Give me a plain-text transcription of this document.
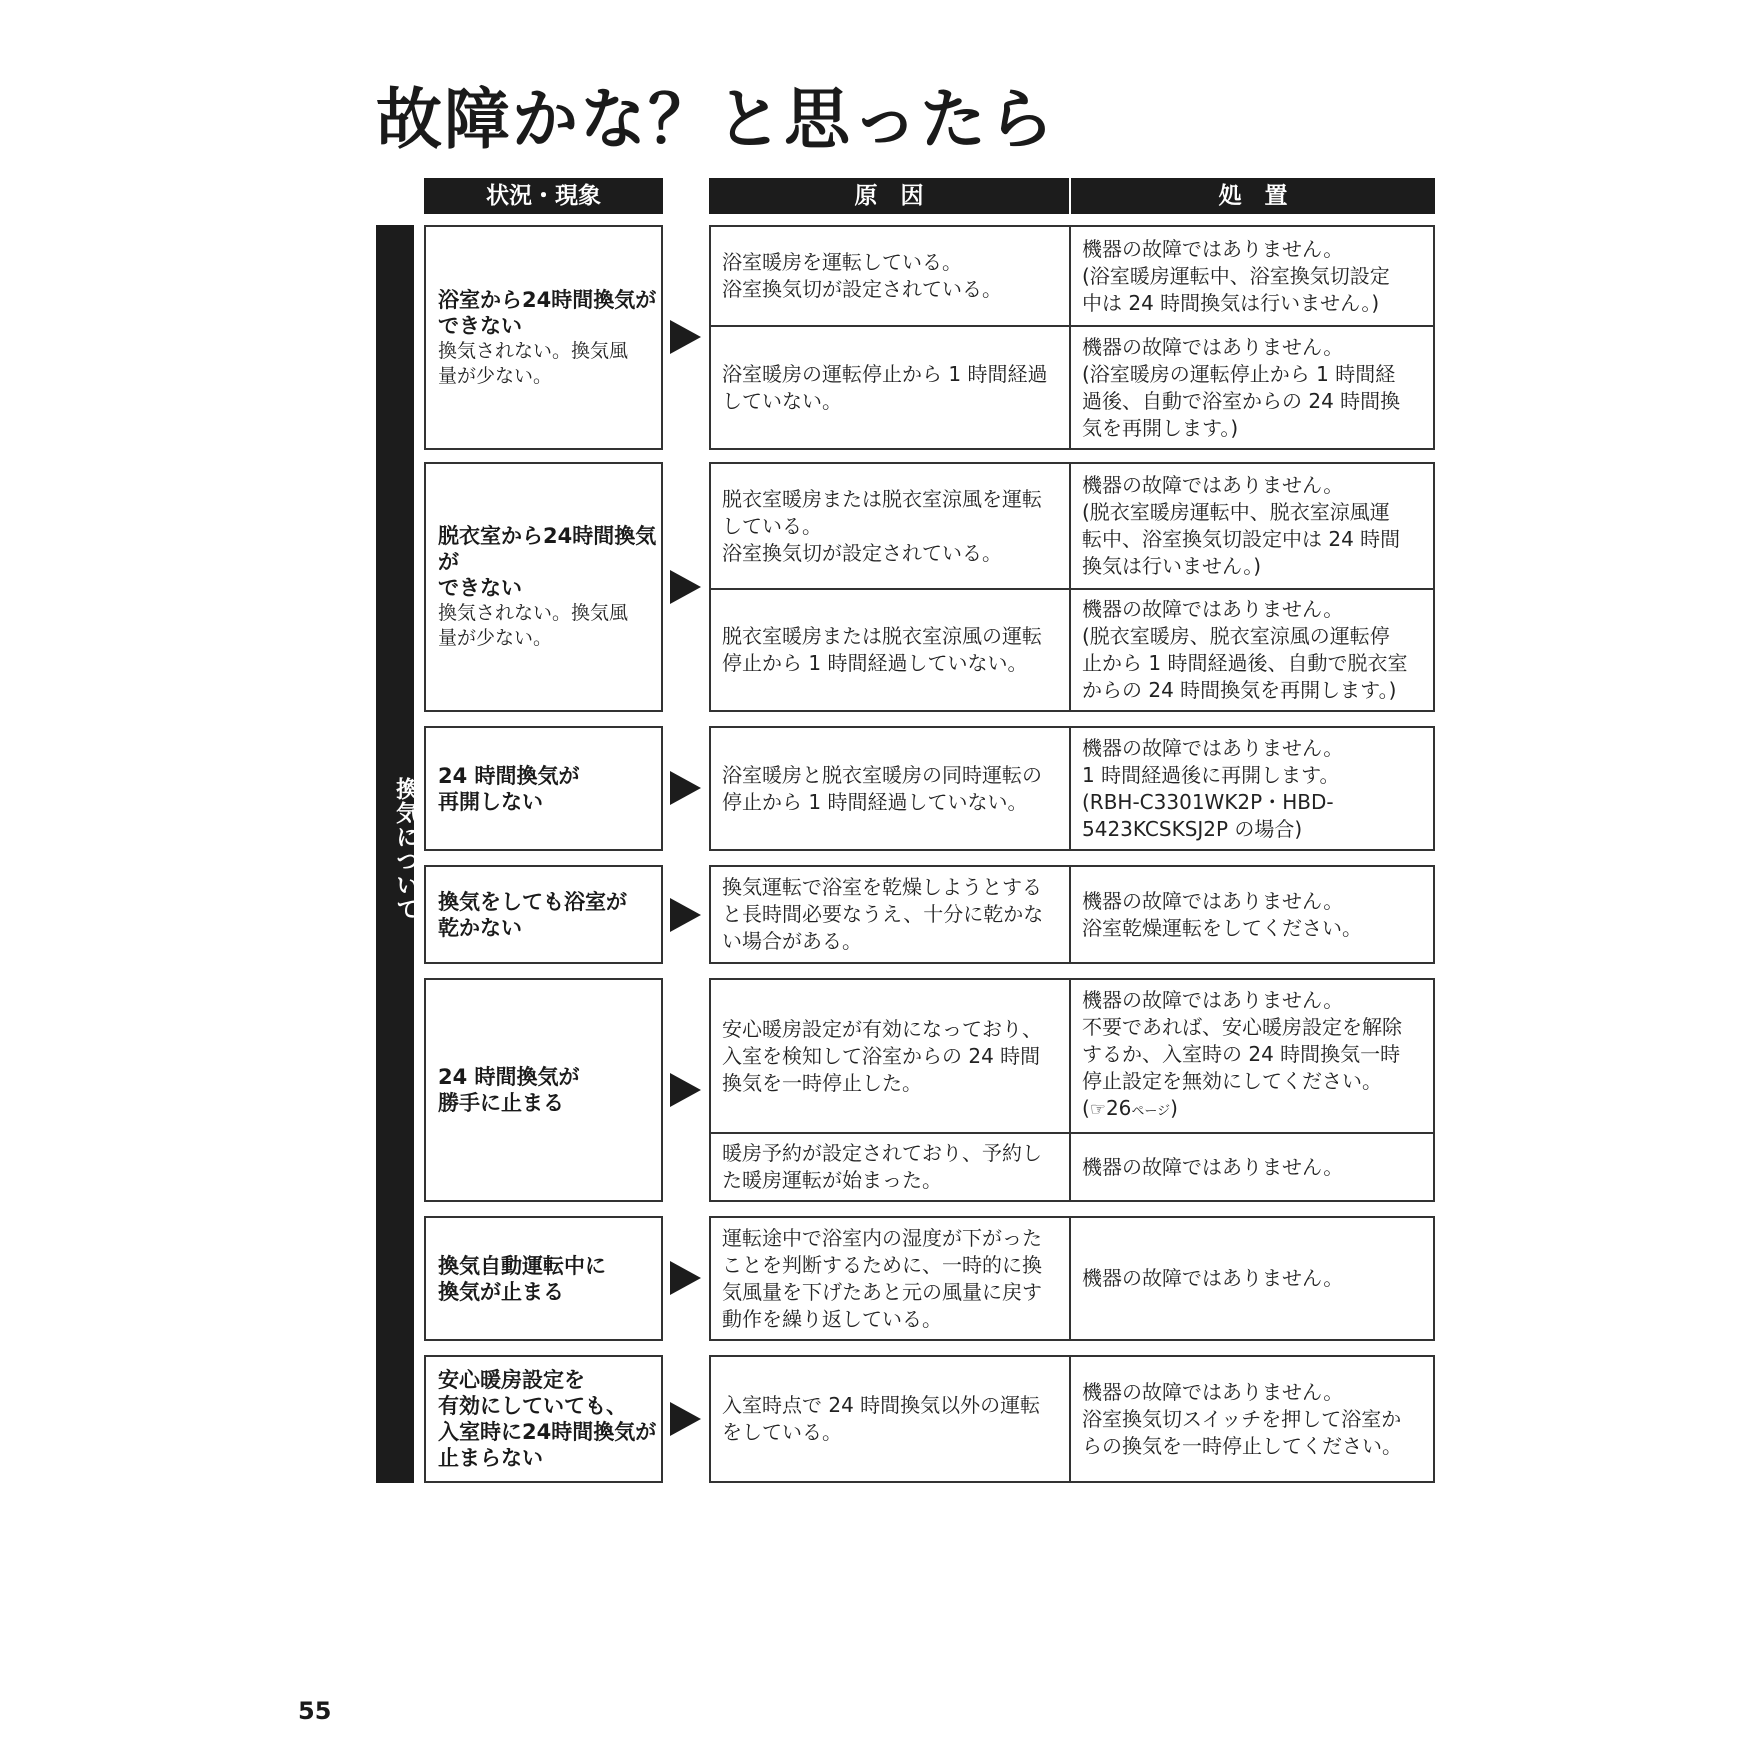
故障かな？と思ったら
状況・現象	原　因	処　置
換気について
浴室から24時間換気が
できない
換気されない。換気風
量が少ない。
浴室暖房を運転している。
浴室換気切が設定されている。
機器の故障ではありません。
(浴室暖房運転中、浴室換気切設定
中は 24 時間換気は行いません。)
浴室暖房の運転停止から 1 時間経過
していない。
機器の故障ではありません。
(浴室暖房の運転停止から 1 時間経
過後、自動で浴室からの 24 時間換
気を再開します。)
脱衣室から24時間換気が
できない
換気されない。換気風
量が少ない。
脱衣室暖房または脱衣室涼風を運転
している。
浴室換気切が設定されている。
機器の故障ではありません。
(脱衣室暖房運転中、脱衣室涼風運
転中、浴室換気切設定中は 24 時間
換気は行いません。)
脱衣室暖房または脱衣室涼風の運転
停止から 1 時間経過していない。
機器の故障ではありません。
(脱衣室暖房、脱衣室涼風の運転停
止から 1 時間経過後、自動で脱衣室
からの 24 時間換気を再開します。)
24 時間換気が
再開しない
浴室暖房と脱衣室暖房の同時運転の
停止から 1 時間経過していない。
機器の故障ではありません。
1 時間経過後に再開します。
(RBH-C3301WK2P・HBD-
5423KCSKSJ2P の場合)
換気をしても浴室が
乾かない
換気運転で浴室を乾燥しようとする
と長時間必要なうえ、十分に乾かな
い場合がある。
機器の故障ではありません。
浴室乾燥運転をしてください。
24 時間換気が
勝手に止まる
安心暖房設定が有効になっており、
入室を検知して浴室からの 24 時間
換気を一時停止した。
機器の故障ではありません。
不要であれば、安心暖房設定を解除
するか、入室時の 24 時間換気一時
停止設定を無効にしてください。
(☞26ページ)
暖房予約が設定されており、予約し
た暖房運転が始まった。
機器の故障ではありません。
換気自動運転中に
換気が止まる
運転途中で浴室内の湿度が下がった
ことを判断するために、一時的に換
気風量を下げたあと元の風量に戻す
動作を繰り返している。
機器の故障ではありません。
安心暖房設定を
有効にしていても、
入室時に24時間換気が
止まらない
入室時点で 24 時間換気以外の運転
をしている。
機器の故障ではありません。
浴室換気切スイッチを押して浴室か
らの換気を一時停止してください。
55
